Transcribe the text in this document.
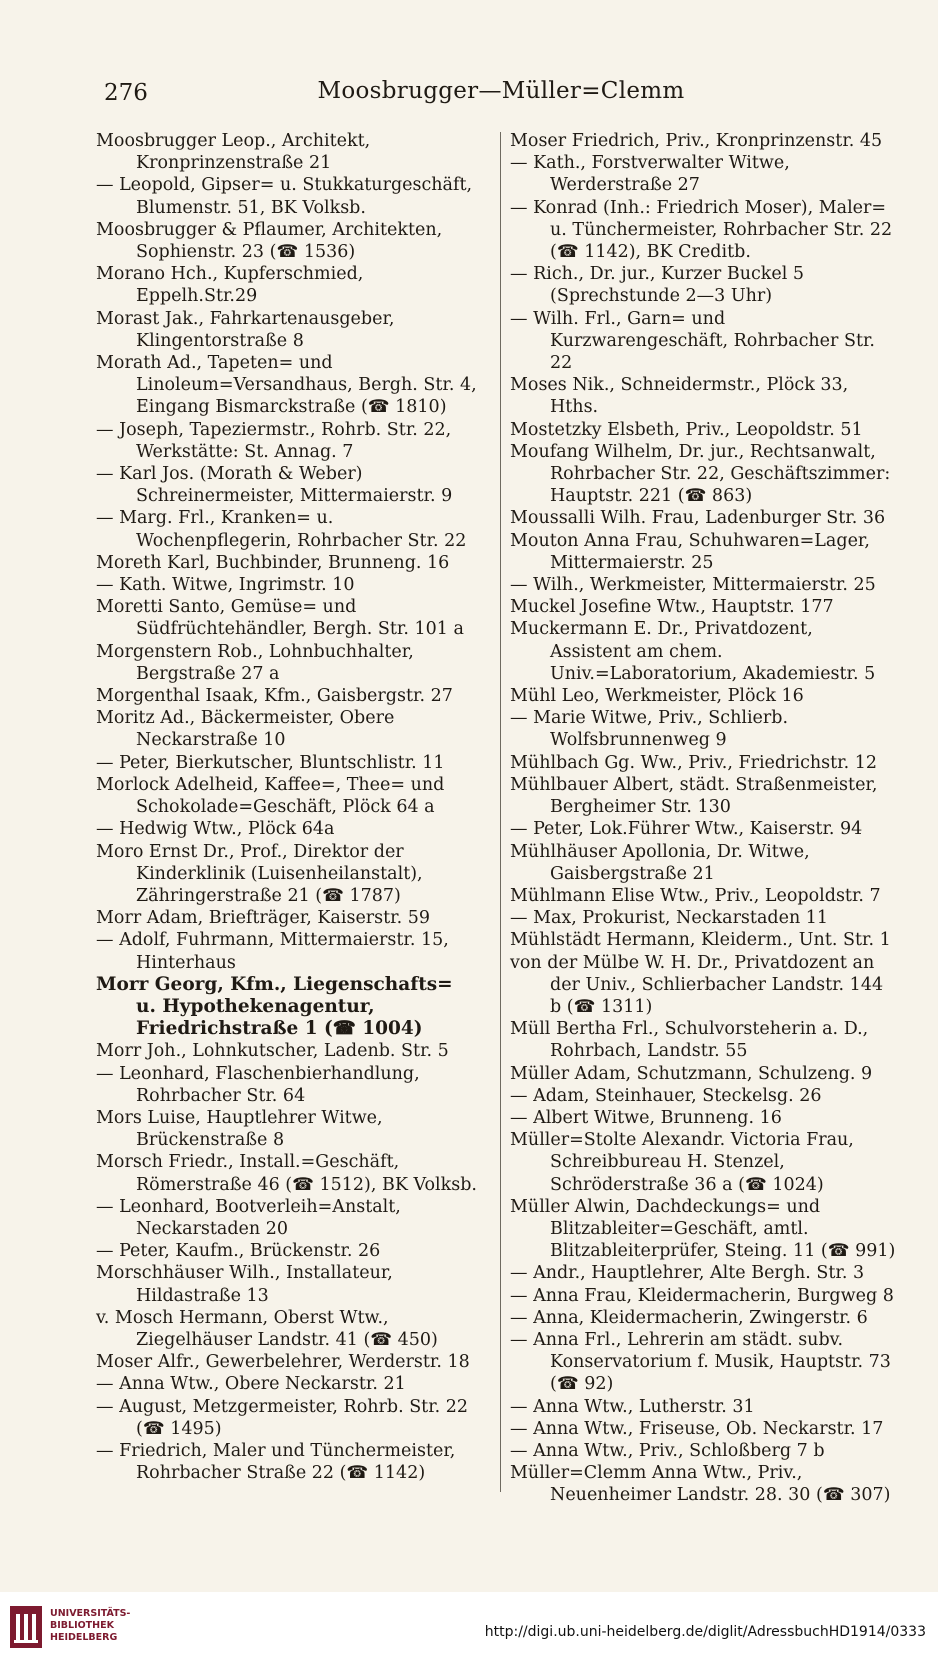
276	Moosbrugger—Müller=Clemm
Moosbrugger Leop., Architekt, Kronprinzenstraße 21
— Leopold, Gipser= u. Stukkaturgeschäft, Blumenstr. 51, BK Volksb.
Moosbrugger & Pflaumer, Architekten, Sophienstr. 23 (☎ 1536)
Morano Hch., Kupferschmied, Eppelh.Str.29
Morast Jak., Fahrkartenausgeber, Klingentorstraße 8
Morath Ad., Tapeten= und Linoleum=Versandhaus, Bergh. Str. 4, Eingang Bismarckstraße (☎ 1810)
— Joseph, Tapeziermstr., Rohrb. Str. 22, Werkstätte: St. Annag. 7
— Karl Jos. (Morath & Weber) Schreinermeister, Mittermaierstr. 9
— Marg. Frl., Kranken= u. Wochenpflegerin, Rohrbacher Str. 22
Moreth Karl, Buchbinder, Brunneng. 16
— Kath. Witwe, Ingrimstr. 10
Moretti Santo, Gemüse= und Südfrüchtehändler, Bergh. Str. 101 a
Morgenstern Rob., Lohnbuchhalter, Bergstraße 27 a
Morgenthal Isaak, Kfm., Gaisbergstr. 27
Moritz Ad., Bäckermeister, Obere Neckarstraße 10
— Peter, Bierkutscher, Bluntschlistr. 11
Morlock Adelheid, Kaffee=, Thee= und Schokolade=Geschäft, Plöck 64 a
— Hedwig Wtw., Plöck 64a
Moro Ernst Dr., Prof., Direktor der Kinderklinik (Luisenheilanstalt), Zähringerstraße 21 (☎ 1787)
Morr Adam, Briefträger, Kaiserstr. 59
— Adolf, Fuhrmann, Mittermaierstr. 15, Hinterhaus
Morr Georg, Kfm., Liegenschafts= u. Hypothekenagentur, Friedrichstraße 1 (☎ 1004)
Morr Joh., Lohnkutscher, Ladenb. Str. 5
— Leonhard, Flaschenbierhandlung, Rohrbacher Str. 64
Mors Luise, Hauptlehrer Witwe, Brückenstraße 8
Morsch Friedr., Install.=Geschäft, Römerstraße 46 (☎ 1512), BK Volksb.
— Leonhard, Bootverleih=Anstalt, Neckarstaden 20
— Peter, Kaufm., Brückenstr. 26
Morschhäuser Wilh., Installateur, Hildastraße 13
v. Mosch Hermann, Oberst Wtw., Ziegelhäuser Landstr. 41 (☎ 450)
Moser Alfr., Gewerbelehrer, Werderstr. 18
— Anna Wtw., Obere Neckarstr. 21
— August, Metzgermeister, Rohrb. Str. 22 (☎ 1495)
— Friedrich, Maler und Tünchermeister, Rohrbacher Straße 22 (☎ 1142)
Moser Friedrich, Priv., Kronprinzenstr. 45
— Kath., Forstverwalter Witwe, Werderstraße 27
— Konrad (Inh.: Friedrich Moser), Maler= u. Tünchermeister, Rohrbacher Str. 22 (☎ 1142), BK Creditb.
— Rich., Dr. jur., Kurzer Buckel 5 (Sprechstunde 2—3 Uhr)
— Wilh. Frl., Garn= und Kurzwarengeschäft, Rohrbacher Str. 22
Moses Nik., Schneidermstr., Plöck 33, Hths.
Mostetzky Elsbeth, Priv., Leopoldstr. 51
Moufang Wilhelm, Dr. jur., Rechtsanwalt, Rohrbacher Str. 22, Geschäftszimmer: Hauptstr. 221 (☎ 863)
Moussalli Wilh. Frau, Ladenburger Str. 36
Mouton Anna Frau, Schuhwaren=Lager, Mittermaierstr. 25
— Wilh., Werkmeister, Mittermaierstr. 25
Muckel Josefine Wtw., Hauptstr. 177
Muckermann E. Dr., Privatdozent, Assistent am chem. Univ.=Laboratorium, Akademiestr. 5
Mühl Leo, Werkmeister, Plöck 16
— Marie Witwe, Priv., Schlierb. Wolfsbrunnenweg 9
Mühlbach Gg. Ww., Priv., Friedrichstr. 12
Mühlbauer Albert, städt. Straßenmeister, Bergheimer Str. 130
— Peter, Lok.Führer Wtw., Kaiserstr. 94
Mühlhäuser Apollonia, Dr. Witwe, Gaisbergstraße 21
Mühlmann Elise Wtw., Priv., Leopoldstr. 7
— Max, Prokurist, Neckarstaden 11
Mühlstädt Hermann, Kleiderm., Unt. Str. 1
von der Mülbe W. H. Dr., Privatdozent an der Univ., Schlierbacher Landstr. 144 b (☎ 1311)
Müll Bertha Frl., Schulvorsteherin a. D., Rohrbach, Landstr. 55
Müller Adam, Schutzmann, Schulzeng. 9
— Adam, Steinhauer, Steckelsg. 26
— Albert Witwe, Brunneng. 16
Müller=Stolte Alexandr. Victoria Frau, Schreibbureau H. Stenzel, Schröderstraße 36 a (☎ 1024)
Müller Alwin, Dachdeckungs= und Blitzableiter=Geschäft, amtl. Blitzableiterprüfer, Steing. 11 (☎ 991)
— Andr., Hauptlehrer, Alte Bergh. Str. 3
— Anna Frau, Kleidermacherin, Burgweg 8
— Anna, Kleidermacherin, Zwingerstr. 6
— Anna Frl., Lehrerin am städt. subv. Konservatorium f. Musik, Hauptstr. 73 (☎ 92)
— Anna Wtw., Lutherstr. 31
— Anna Wtw., Friseuse, Ob. Neckarstr. 17
— Anna Wtw., Priv., Schloßberg 7 b
Müller=Clemm Anna Wtw., Priv., Neuenheimer Landstr. 28. 30 (☎ 307)
UNIVERSITÄTS-
BIBLIOTHEK
HEIDELBERG	http://digi.ub.uni-heidelberg.de/diglit/AdressbuchHD1914/0333
